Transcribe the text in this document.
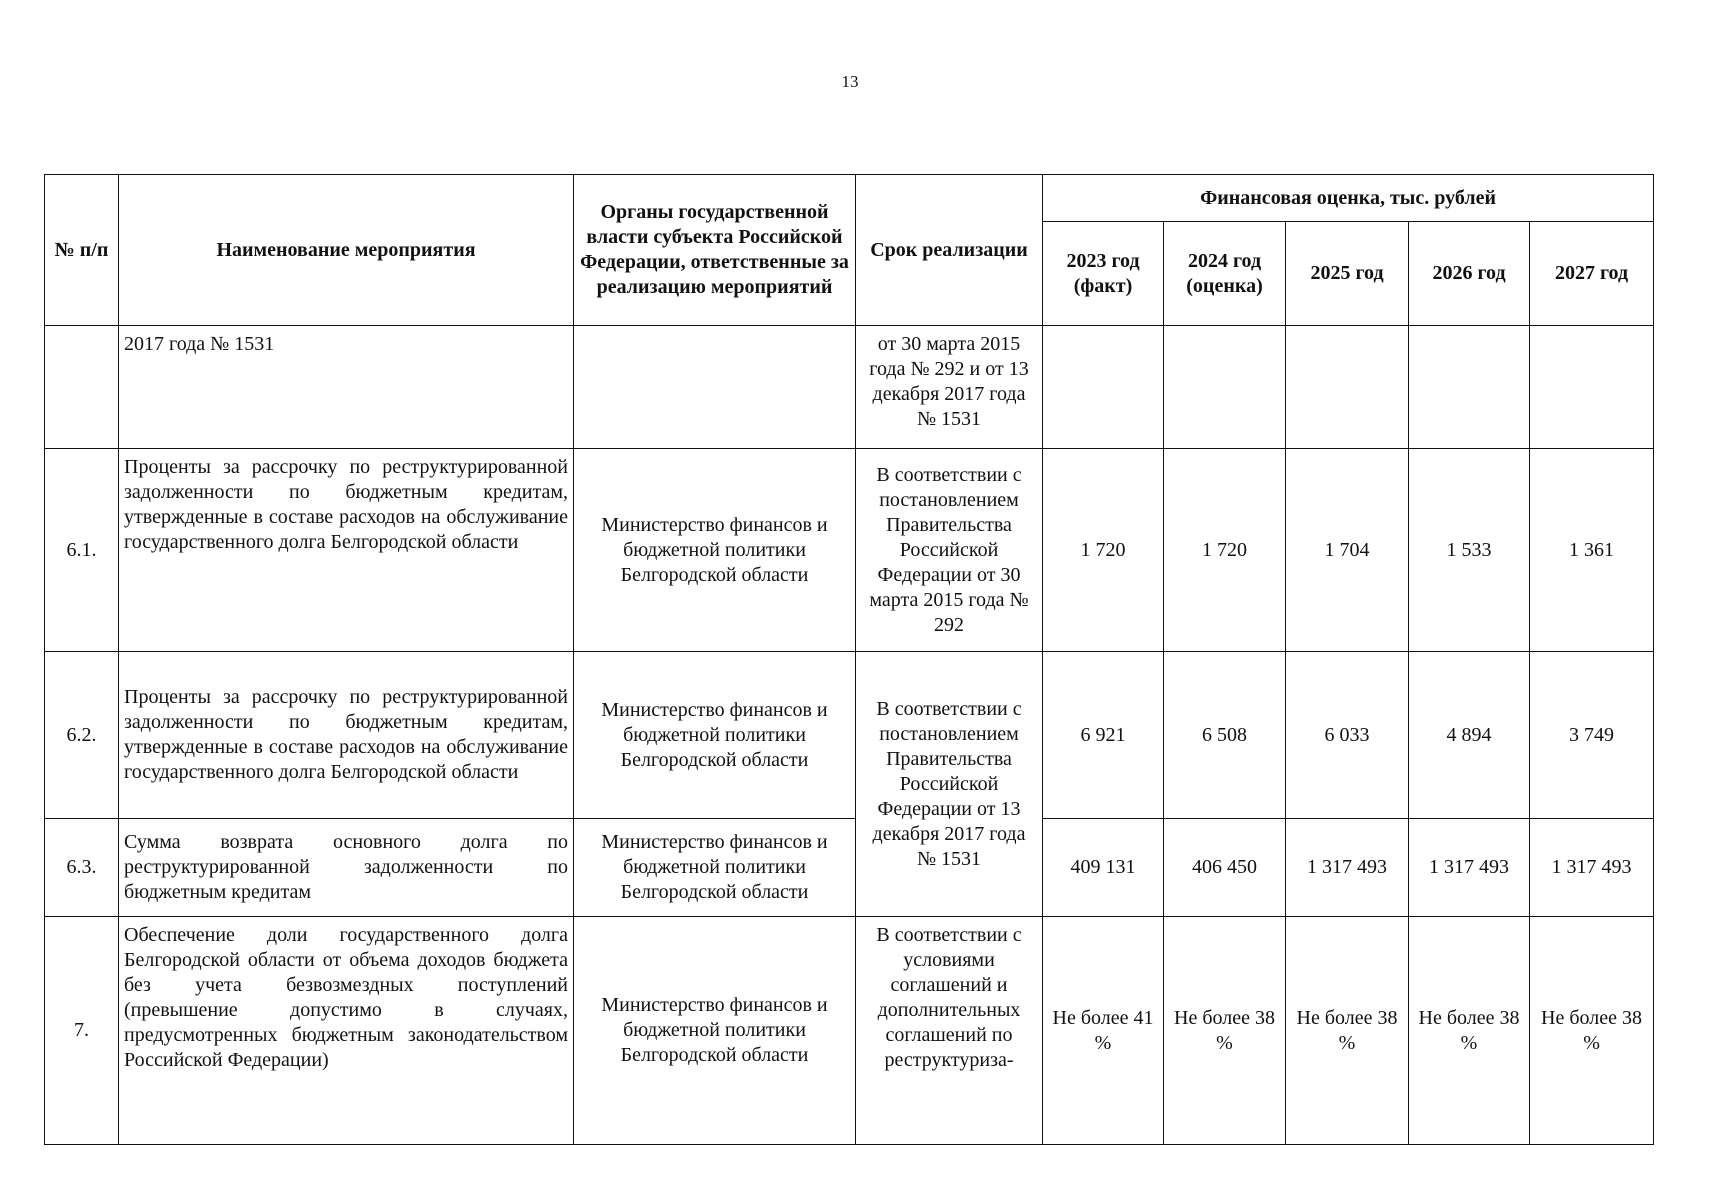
13
№ п/п	Наименование мероприятия	Органы государственной власти субъекта Российской Федерации, ответственные за реализацию мероприятий	Срок реализации	Финансовая оценка, тыс. рублей				
				2023 год (факт)	2024 год (оценка)	2025 год	2026 год	2027 год
	2017 года № 1531		от 30 марта 2015 года № 292 и от 13 декабря 2017 года № 1531					
6.1.	Проценты за рассрочку по реструктурированной задолженности по бюджетным кредитам, утвержденные в составе расходов на обслуживание государственного долга Белгородской области	Министерство финансов и бюджетной политики Белгородской области	В соответствии с постановлением Правительства Российской Федерации от 30 марта 2015 года № 292	1 720	1 720	1 704	1 533	1 361
6.2.	Проценты за рассрочку по реструктурированной задолженности по бюджетным кредитам, утвержденные в составе расходов на обслуживание государственного долга Белгородской области	Министерство финансов и бюджетной политики Белгородской области	В соответствии с постановлением Правительства Российской Федерации от 13 декабря 2017 года № 1531	6 921	6 508	6 033	4 894	3 749
6.3.	Сумма возврата основного долга по реструктурированной задолженности по бюджетным кредитам	Министерство финансов и бюджетной политики Белгородской области		409 131	406 450	1 317 493	1 317 493	1 317 493
7.	Обеспечение доли государственного долга Белгородской области от объема доходов бюджета без учета безвозмездных поступлений (превышение допустимо в случаях, предусмотренных бюджетным законодательством Российской Федерации)	Министерство финансов и бюджетной политики Белгородской области	В соответствии с условиями соглашений и дополнительных соглашений по реструктуриза-	Не более 41 %	Не более 38 %	Не более 38 %	Не более 38 %	Не более 38 %
